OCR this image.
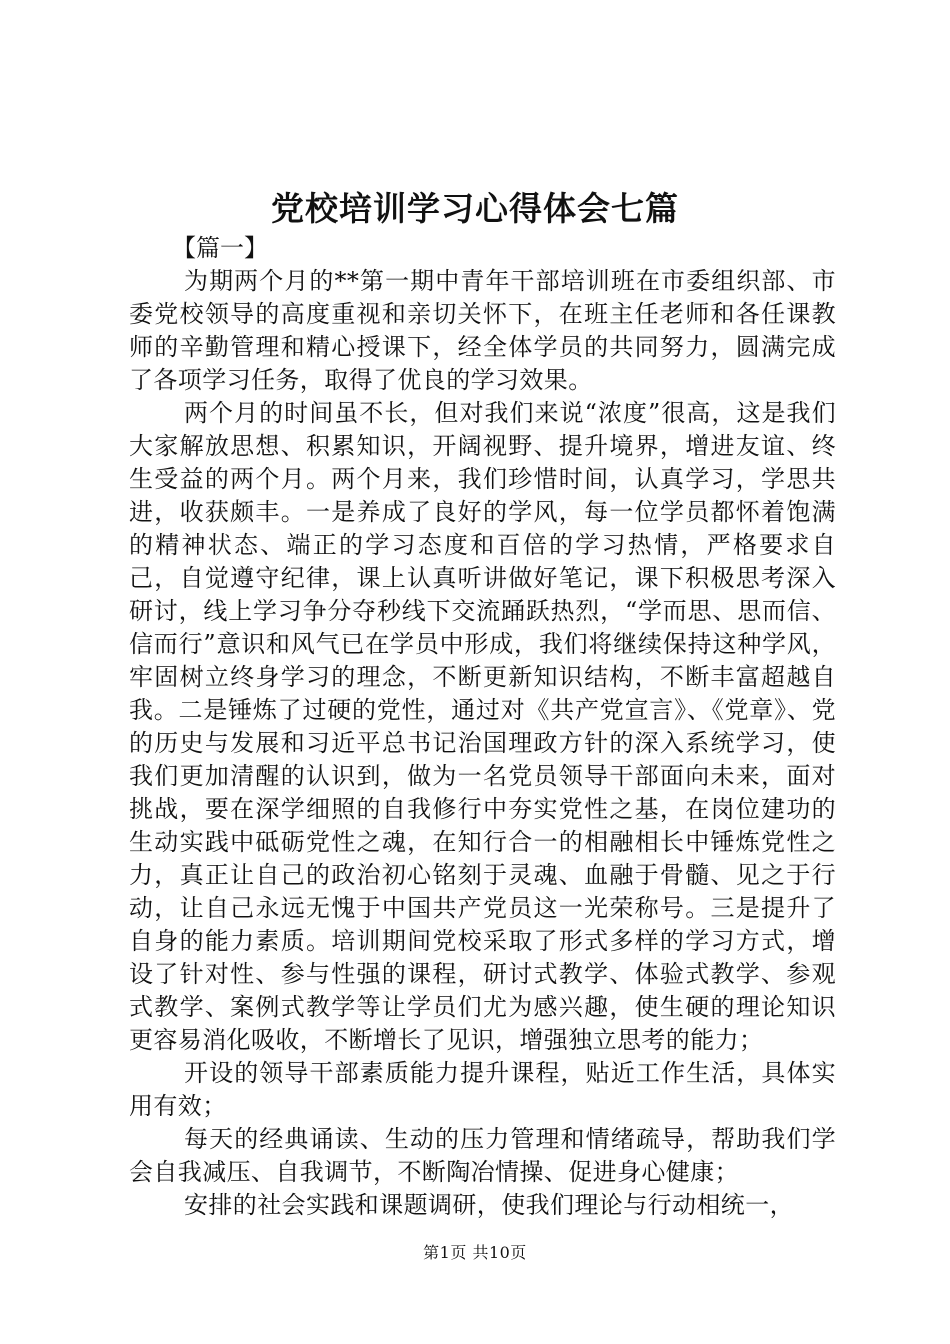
党校培训学习心得体会七篇

【篇一】

为期两个月的**第一期中青年干部培训班在市委组织部、市委党校领导的高度重视和亲切关怀下，在班主任老师和各任课教师的辛勤管理和精心授课下，经全体学员的共同努力，圆满完成了各项学习任务，取得了优良的学习效果。

两个月的时间虽不长，但对我们来说“浓度”很高，这是我们大家解放思想、积累知识，开阔视野、提升境界，增进友谊、终生受益的两个月。两个月来，我们珍惜时间，认真学习，学思共进，收获颇丰。一是养成了良好的学风，每一位学员都怀着饱满的精神状态、端正的学习态度和百倍的学习热情，严格要求自己，自觉遵守纪律，课上认真听讲做好笔记，课下积极思考深入研讨，线上学习争分夺秒线下交流踊跃热烈，“学而思、思而信、信而行”意识和风气已在学员中形成，我们将继续保持这种学风，牢固树立终身学习的理念，不断更新知识结构，不断丰富超越自我。二是锤炼了过硬的党性，通过对《共产党宣言》、《党章》、党的历史与发展和习近平总书记治国理政方针的深入系统学习，使我们更加清醒的认识到，做为一名党员领导干部面向未来，面对挑战，要在深学细照的自我修行中夯实党性之基，在岗位建功的生动实践中砥砺党性之魂，在知行合一的相融相长中锤炼党性之力，真正让自己的政治初心铭刻于灵魂、血融于骨髓、见之于行动，让自己永远无愧于中国共产党员这一光荣称号。三是提升了自身的能力素质。培训期间党校采取了形式多样的学习方式，增设了针对性、参与性强的课程，研讨式教学、体验式教学、参观式教学、案例式教学等让学员们尤为感兴趣，使生硬的理论知识更容易消化吸收，不断增长了见识，增强独立思考的能力；

开设的领导干部素质能力提升课程，贴近工作生活，具体实用有效；

每天的经典诵读、生动的压力管理和情绪疏导，帮助我们学会自我减压、自我调节，不断陶冶情操、促进身心健康；

安排的社会实践和课题调研，使我们理论与行动相统一，

第1页 共10页
